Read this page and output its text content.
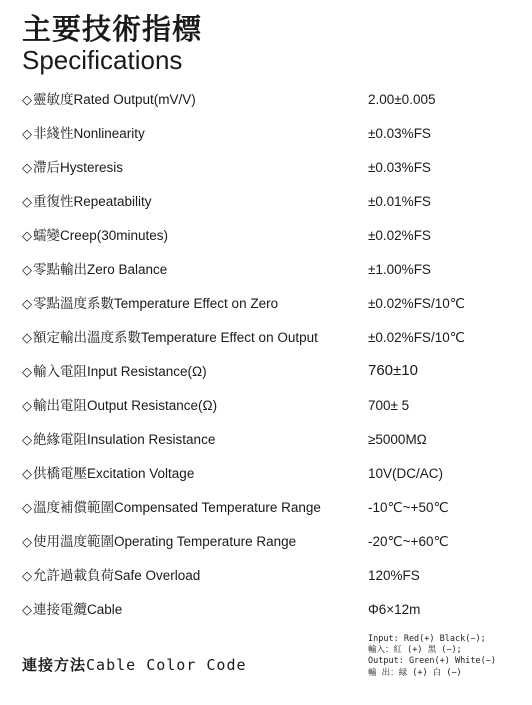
主要技術指標
Specifications
◇靈敏度Rated Output(mV/V)	2.00±0.005
◇非綫性Nonlinearity	±0.03%FS
◇滯后Hysteresis	±0.03%FS
◇重復性Repeatability	±0.01%FS
◇蠕變Creep(30minutes)	±0.02%FS
◇零點輸出Zero Balance	±1.00%FS
◇零點溫度系數Temperature Effect on Zero	±0.02%FS/10℃
◇額定輸出溫度系數Temperature Effect on Output	±0.02%FS/10℃
◇輸入電阻Input Resistance(Ω)	760±10
◇輸出電阻Output Resistance(Ω)	700± 5
◇絶緣電阻Insulation Resistance	≥5000MΩ
◇供橋電壓Excitation Voltage	10V(DC/AC)
◇溫度補償範圍Compensated Temperature Range	-10℃~+50℃
◇使用溫度範圍Operating Temperature Range	-20℃~+60℃
◇允許過載負荷Safe Overload	120%FS
◇連接電纜Cable	Φ6×12m
連接方法Cable Color Code
Input: Red(+) Black(−);
輸入：紅 (+) 黑 (−);
Output: Green(+) White(−)
輸 出：緑 (+) 白 (−)
